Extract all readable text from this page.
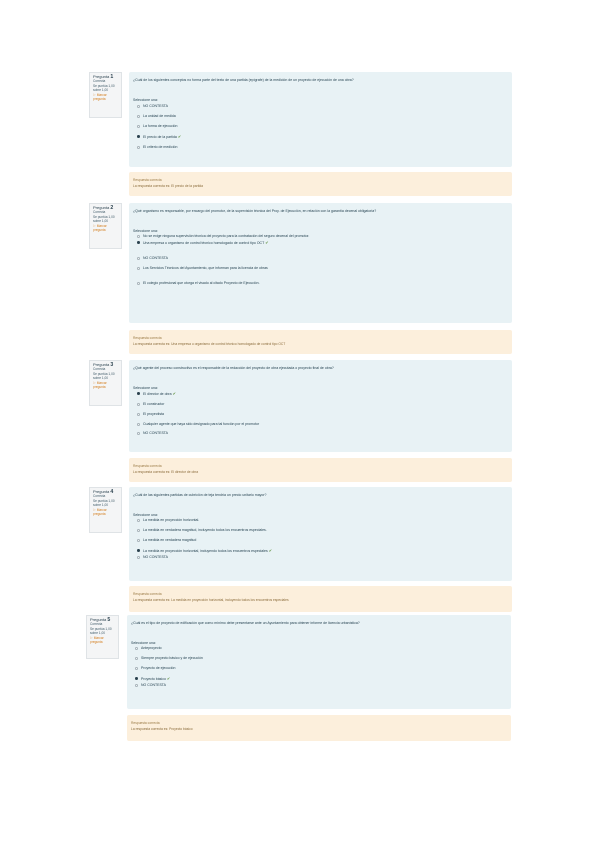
Pregunta 1
Correcta
Se puntúa 1,00
sobre 1,00
⚐ Marcar
pregunta
¿Cuál de los siguientes conceptos no forma parte del texto de una partida (epígrafe) de la medición de un proyecto de ejecución de una obra?
Seleccione una:
NO CONTESTA
La unidad de medida
La forma de ejecución
El precio de la partida✔
El criterio de medición
Respuesta correcta
La respuesta correcta es: El precio de la partida
Pregunta 2
Correcta
Se puntúa 1,00
sobre 1,00
⚐ Marcar
pregunta
¿Qué organismo es responsable, por encargo del promotor, de la supervisión técnica del Proy. de Ejecución, en relación con la garantía decenal obligatoria?
Seleccione una:
No se exige ninguna supervisión técnica del proyecto para la contratación del seguro decenal del promotor.
Una empresa u organismo de control técnico homologado de control tipo OCT✔
NO CONTESTA
Los Servicios Técnicos del Ayuntamiento, que informan para la licencia de obras
El colegio profesional que otorga el visado al citado Proyecto de Ejecución.
Respuesta correcta
La respuesta correcta es: Una empresa u organismo de control técnico homologado de control tipo OCT
Pregunta 3
Correcta
Se puntúa 1,00
sobre 1,00
⚐ Marcar
pregunta
¿Qué agente del proceso constructivo es el responsable de la redacción del proyecto de obra ejecutada o proyecto final de obra?
Seleccione una:
El director de obra✔
El constructor
El proyectista
Cualquier agente que haya sido designado para tal función por el promotor
NO CONTESTA
Respuesta correcta
La respuesta correcta es: El director de obra
Pregunta 4
Correcta
Se puntúa 1,00
sobre 1,00
⚐ Marcar
pregunta
¿Cuál de las siguientes partidas de cubrición de teja tendría un precio unitario mayor?
Seleccione una:
La medida en proyección horizontal.
La medida en verdadera magnitud, incluyendo todos los encuentros especiales.
La medida en verdadera magnitud
La medida en proyección horizontal, incluyendo todos los encuentros especiales✔
NO CONTESTA
Respuesta correcta
La respuesta correcta es: La medida en proyección horizontal, incluyendo todos los encuentros especiales
Pregunta 5
Correcta
Se puntúa 1,00
sobre 1,00
⚐ Marcar
pregunta
¿Cuál es el tipo de proyecto de edificación que como mínimo debe presentarse ante un Ayuntamiento para obtener informe de licencia urbanística?
Seleccione una:
Anteproyecto
Siempre proyecto básico y de ejecución
Proyecto de ejecución
Proyecto básico✔
NO CONTESTA
Respuesta correcta
La respuesta correcta es: Proyecto básico
